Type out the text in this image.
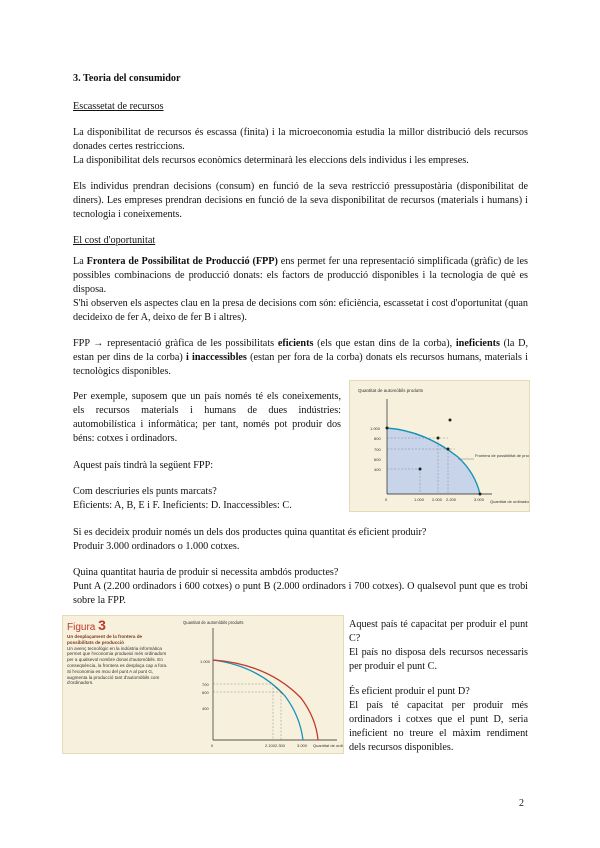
3. Teoria del consumidor

Escassetat de recursos

La disponibilitat de recursos és escassa (finita) i la microeconomia estudia la millor distribució dels recursos donades certes restriccions.

La disponibilitat dels recursos econòmics determinarà les eleccions dels individus i les empreses.

Els individus prendran decisions (consum) en funció de la seva restricció pressupostària (disponibilitat de diners). Les empreses prendran decisions en funció de la seva disponibilitat de recursos (materials i humans) i tecnologia i coneixements.

El cost d'oportunitat

La Frontera de Possibilitat de Producció (FPP) ens permet fer una representació simplificada (gràfic) de les possibles combinacions de producció donats: els factors de producció disponibles i la tecnologia de què es disposa.

S'hi observen els aspectes clau en la presa de decisions com són: eficiència, escassetat i cost d'oportunitat (quan decideixo de fer A, deixo de fer B i altres).

FPP → representació gràfica de les possibilitats eficients (els que estan dins de la corba), ineficients (la D, estan per dins de la corba) i inaccessibles (estan per fora de la corba) donats els recursos humans, materials i tecnològics disponibles.

Per exemple, suposem que un país només té els coneixements, els recursos materials i humans de dues indústries: automobilística i informàtica; per tant, només pot produir dos béns: cotxes i ordinadors.

Quantitat de automòbils produïts
Frontera de possibilitat de pro
1.000
800
700
600
400
0	1.000 2.000 2.200	3.000 Quantitat de ordinado

Aquest país tindrà la següent FPP:

Com descriuries els punts marcats?

Eficients: A, B, E i F. Ineficients: D. Inaccessibles: C.

Si es decideix produir només un dels dos productes quina quantitat és eficient produir?

Produir 3.000 ordinadors o 1.000 cotxes.

Quina quantitat hauria de produir si necessita ambdós productes?

Punt A (2.200 ordinadors i 600 cotxes) o punt B (2.000 ordinadors i 700 cotxes). O qualsevol punt que es trobi sobre la FPP.

Figura 3
Un desplaçament de la frontera de possibilitats de producció
Un avenç tecnològic en la indústria informàtica permet que l'economia produeixi més ordinadors per a qualsevol nombre donat d'automòbils. En conseqüència, la frontera es desplaça cap a fora. Si l'economia es mou del punt A al punt G, augmenta la producció tant d'automòbils com d'ordinadors.
Quantitat de automòbils produïts
1.000
700
600
400
0	2.100 2.300	3.000 Quantitat de ord

Aquest país té capacitat per produir el punt C?

El país no disposa dels recursos necessaris per produir el punt C.

És eficient produir el punt D?

El país té capacitat per produir més ordinadors i cotxes que el punt D, seria ineficient no treure el màxim rendiment dels recursos disponibles.

2
